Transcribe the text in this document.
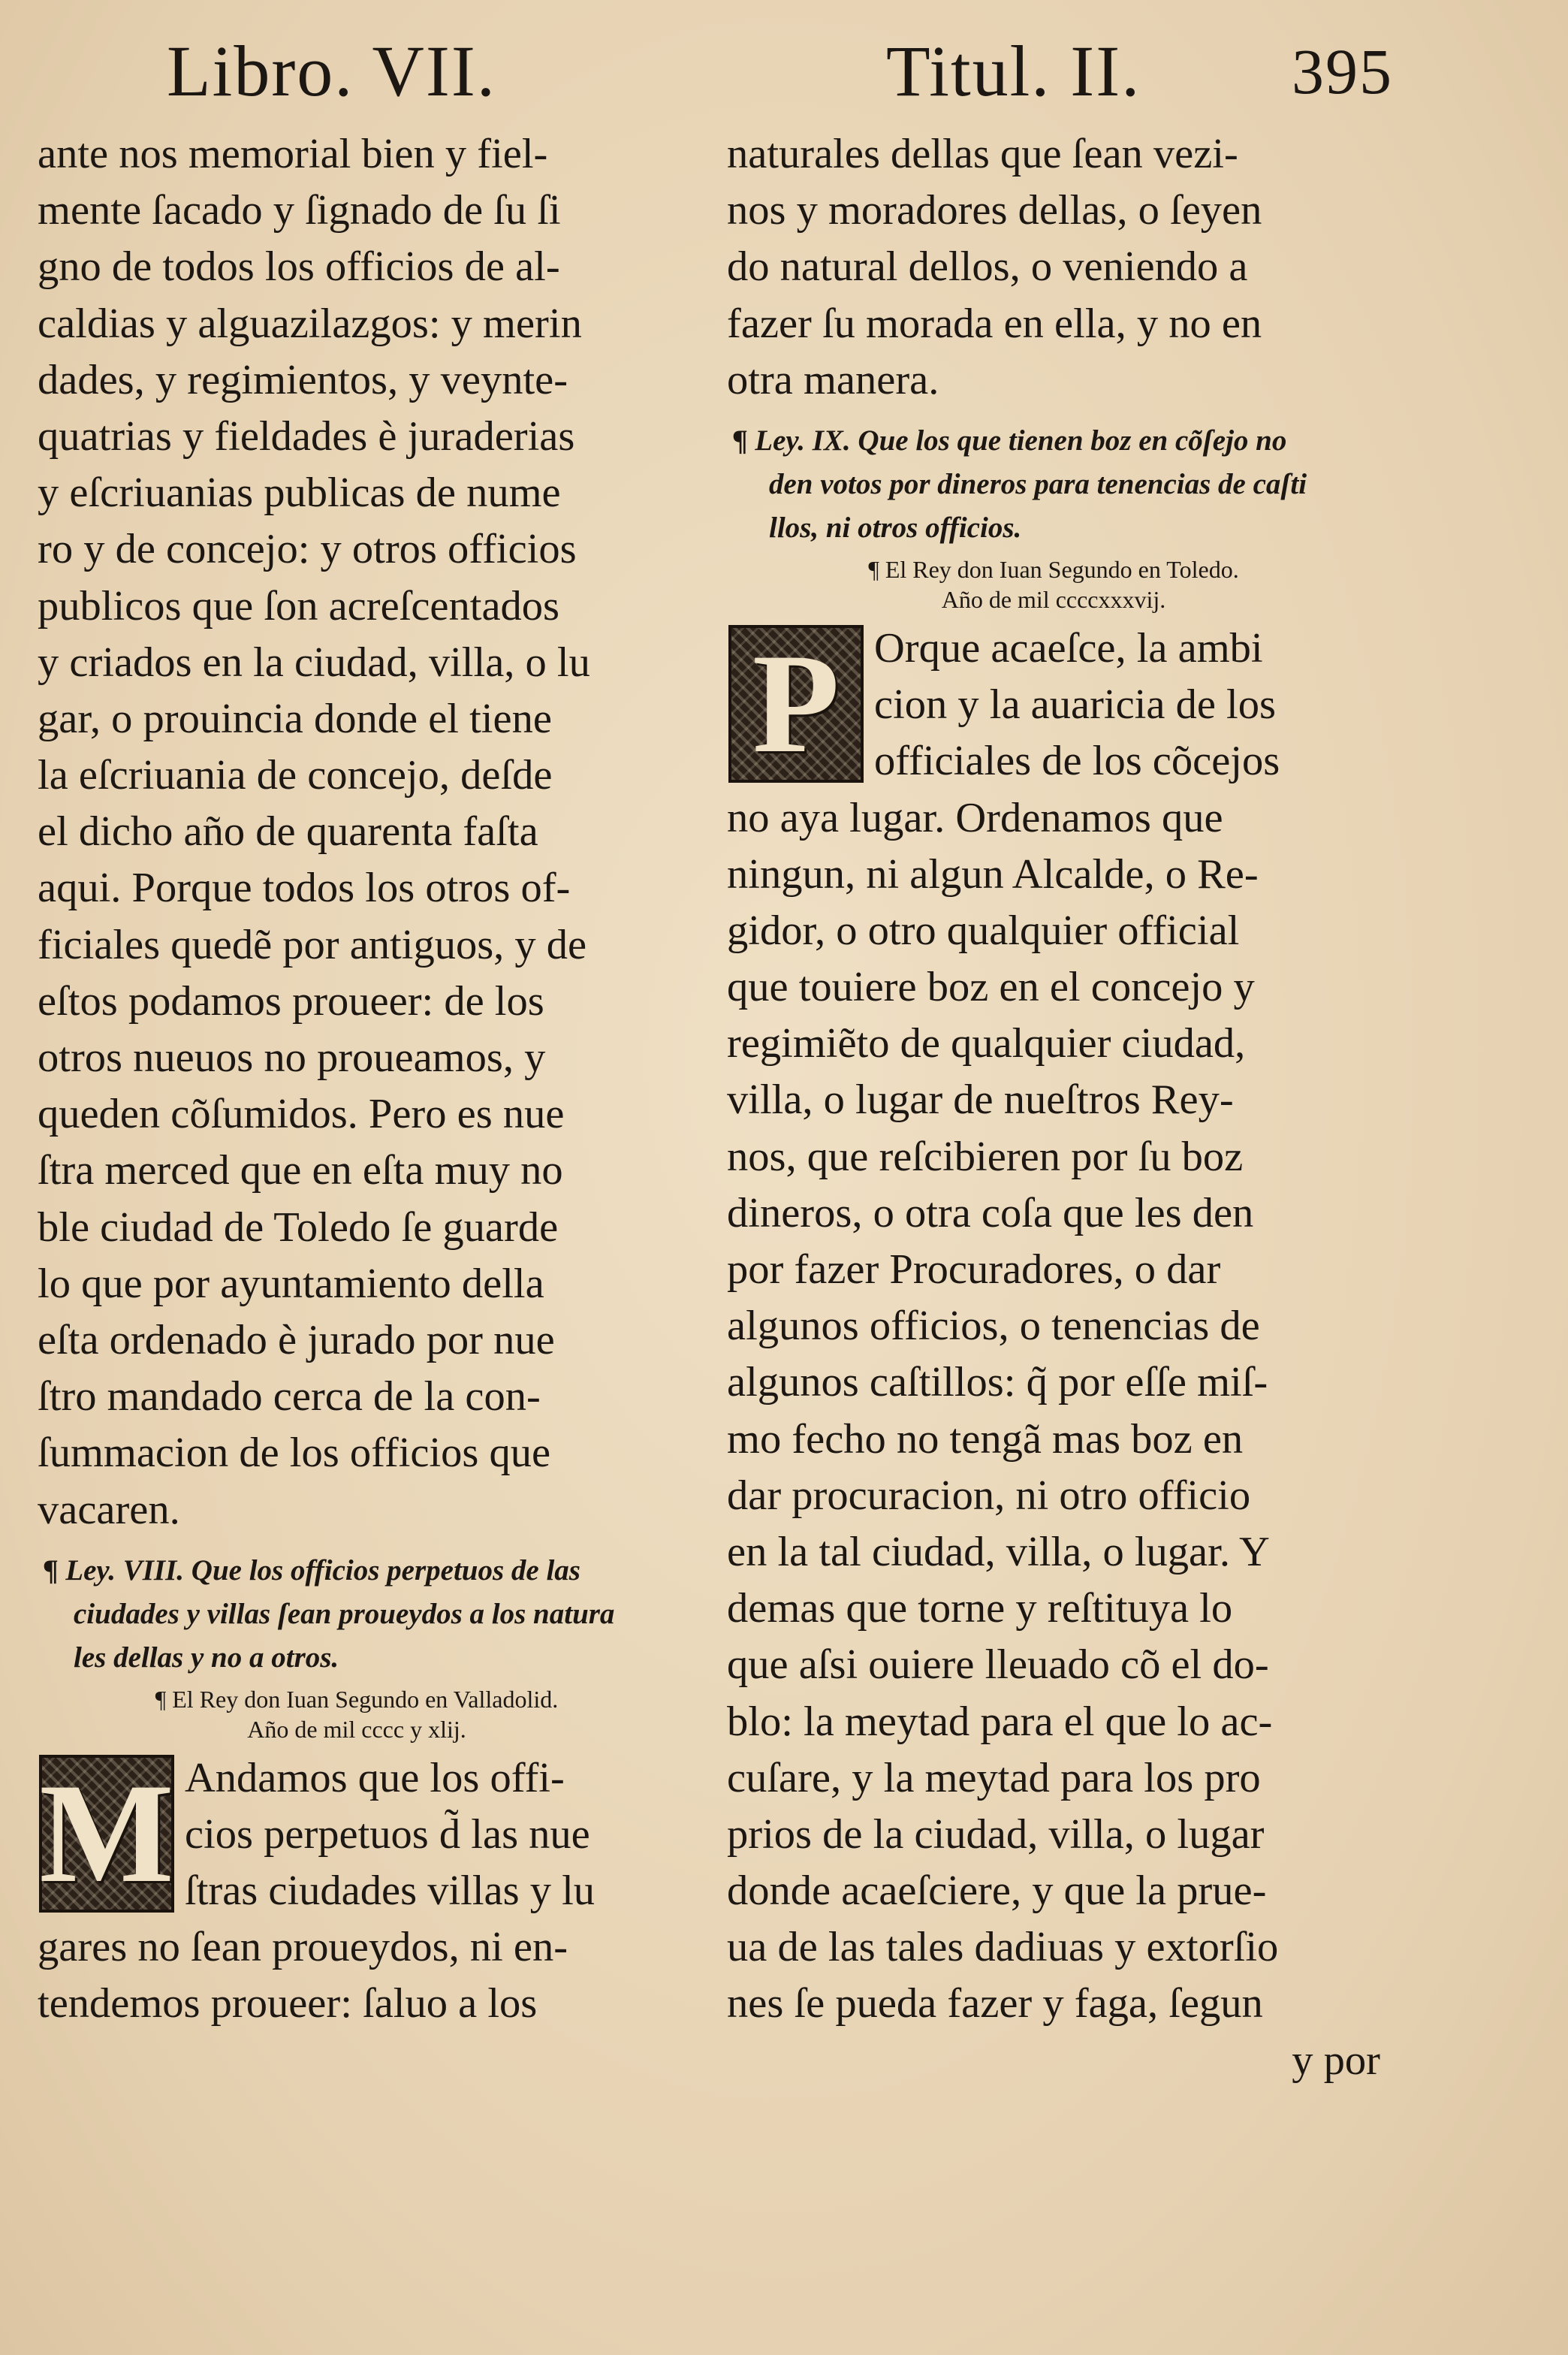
Libro. VII.	Titul. II. 395
ante nos memorial bien y fiel-
mente ſacado y ſignado de ſu ſi
gno de todos los officios de al-
caldias y alguazilazgos: y merin
dades, y regimientos, y veynte-
quatrias y fieldades è juraderias
y eſcriuanias publicas de nume
ro y de concejo: y otros officios
publicos que ſon acreſcentados
y criados en la ciudad, villa, o lu
gar, o prouincia donde el tiene
la eſcriuania de concejo, deſde
el dicho año de quarenta faſta
aqui. Porque todos los otros of-
ficiales quedẽ por antiguos, y de
eſtos podamos proueer: de los
otros nueuos no proueamos, y
queden cõſumidos. Pero es nue
ſtra merced que en eſta muy no
ble ciudad de Toledo ſe guarde
lo que por ayuntamiento della
eſta ordenado è jurado por nue
ſtro mandado cerca de la con-
ſummacion de los officios que
vacaren.
¶ Ley. VIII. Que los officios perpetuos de las
ciudades y villas ſean proueydos a los natura
les dellas y no a otros.
¶ El Rey don Iuan Segundo en Valladolid.
Año de mil cccc y xlij.
M Andamos que los offi-
cios perpetuos d̃ las nue
ſtras ciudades villas y lu
gares no ſean proueydos, ni en-
tendemos proueer: ſaluo a los
naturales dellas que ſean vezi-
nos y moradores dellas, o ſeyen
do natural dellos, o veniendo a
fazer ſu morada en ella, y no en
otra manera.
¶ Ley. IX. Que los que tienen boz en cõſejo no
den votos por dineros para tenencias de caſti
llos, ni otros officios.
¶ El Rey don Iuan Segundo en Toledo.
Año de mil ccccxxxvij.
P Orque acaeſce, la ambi
cion y la auaricia de los
officiales de los cõcejos
no aya lugar. Ordenamos que
ningun, ni algun Alcalde, o Re-
gidor, o otro qualquier official
que touiere boz en el concejo y
regimiẽto de qualquier ciudad,
villa, o lugar de nueſtros Rey-
nos, que reſcibieren por ſu boz
dineros, o otra coſa que les den
por fazer Procuradores, o dar
algunos officios, o tenencias de
algunos caſtillos: q̃ por eſſe miſ-
mo fecho no tengã mas boz en
dar procuracion, ni otro officio
en la tal ciudad, villa, o lugar. Y
demas que torne y reſtituya lo
que aſsi ouiere lleuado cõ el do-
blo: la meytad para el que lo ac-
cuſare, y la meytad para los pro
prios de la ciudad, villa, o lugar
donde acaeſciere, y que la prue-
ua de las tales dadiuas y extorſio
nes ſe pueda fazer y faga, ſegun
y por
